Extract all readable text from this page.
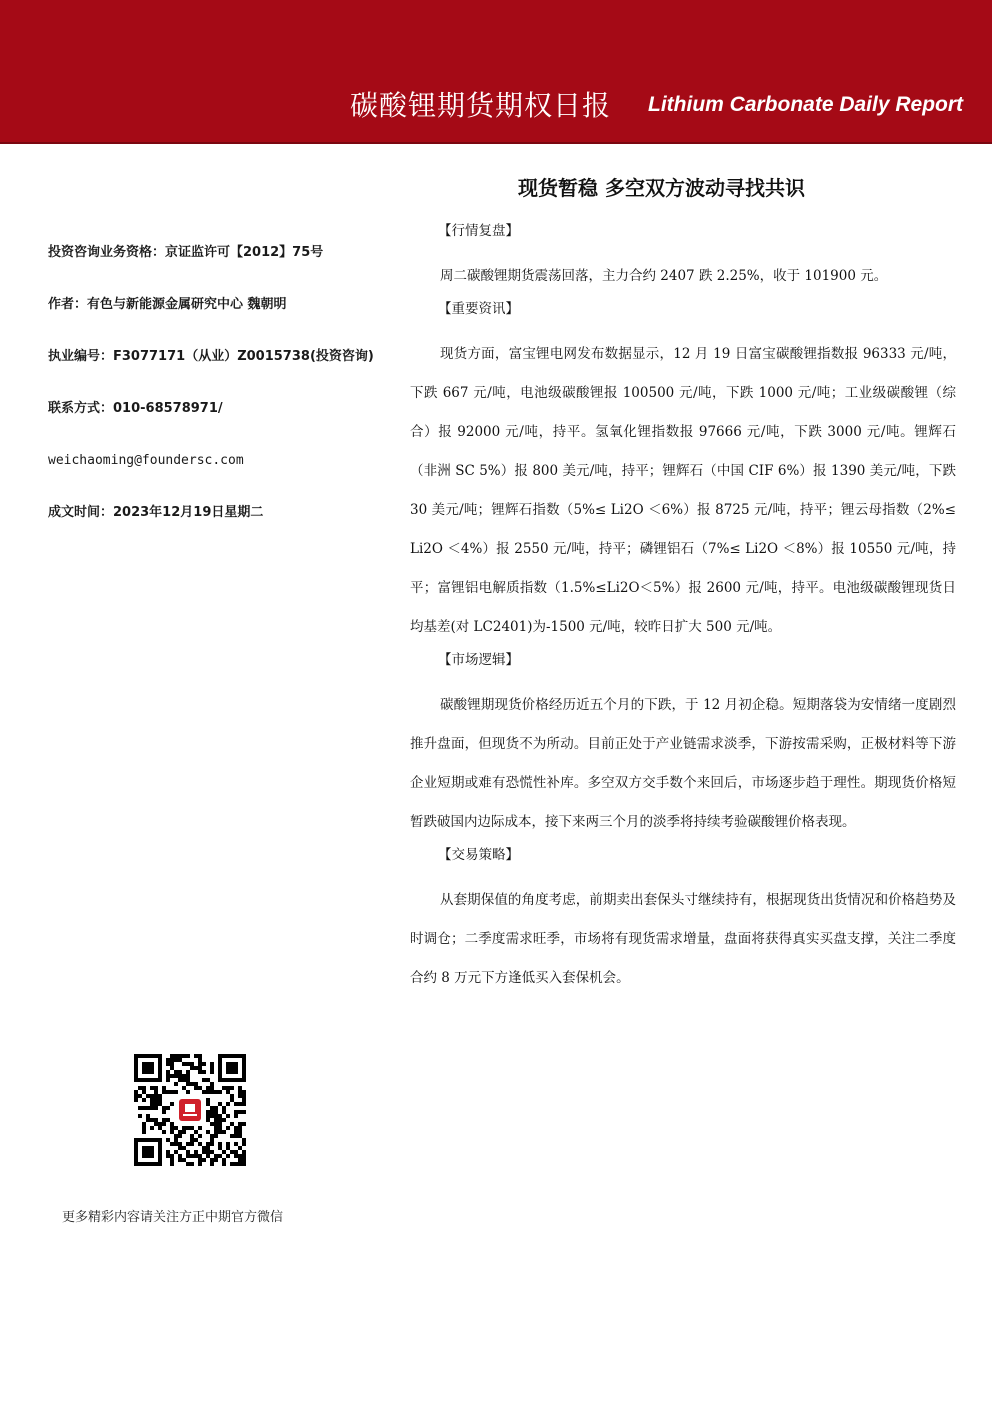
碳酸锂期货期权日报 Lithium Carbonate Daily Report
现货暂稳 多空双方波动寻找共识
投资咨询业务资格：京证监许可【2012】75号
作者：有色与新能源金属研究中心 魏朝明
执业编号：F3077171（从业）Z0015738(投资咨询)
联系方式：010-68578971/
weichaoming@foundersc.com
成文时间：2023年12月19日星期二
更多精彩内容请关注方正中期官方微信
【行情复盘】

周二碳酸锂期货震荡回落，主力合约 2407 跌 2.25%，收于 101900 元。

【重要资讯】

现货方面，富宝锂电网发布数据显示，12 月 19 日富宝碳酸锂指数报 96333 元/吨，下跌 667 元/吨，电池级碳酸锂报 100500 元/吨，下跌 1000 元/吨；工业级碳酸锂（综合）报 92000 元/吨，持平。氢氧化锂指数报 97666 元/吨，下跌 3000 元/吨。锂辉石（非洲 SC 5%）报 800 美元/吨，持平；锂辉石（中国 CIF 6%）报 1390 美元/吨，下跌 30 美元/吨；锂辉石指数（5%≤ Li2O ＜6%）报 8725 元/吨，持平；锂云母指数（2%≤ Li2O ＜4%）报 2550 元/吨，持平；磷锂铝石（7%≤ Li2O ＜8%）报 10550 元/吨，持平；富锂铝电解质指数（1.5%≤Li2O＜5%）报 2600 元/吨，持平。电池级碳酸锂现货日均基差(对 LC2401)为-1500 元/吨，较昨日扩大 500 元/吨。

【市场逻辑】

碳酸锂期现货价格经历近五个月的下跌，于 12 月初企稳。短期落袋为安情绪一度剧烈推升盘面，但现货不为所动。目前正处于产业链需求淡季，下游按需采购，正极材料等下游企业短期或难有恐慌性补库。多空双方交手数个来回后，市场逐步趋于理性。期现货价格短暂跌破国内边际成本，接下来两三个月的淡季将持续考验碳酸锂价格表现。

【交易策略】

从套期保值的角度考虑，前期卖出套保头寸继续持有，根据现货出货情况和价格趋势及时调仓；二季度需求旺季，市场将有现货需求增量，盘面将获得真实买盘支撑，关注二季度合约 8 万元下方逢低买入套保机会。
